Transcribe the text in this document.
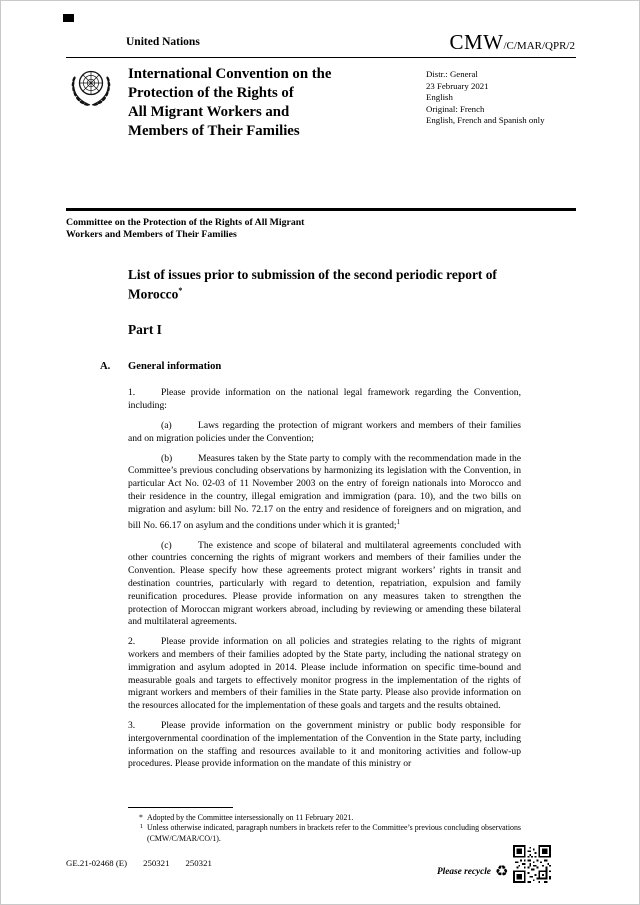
United Nations	CMW/C/MAR/QPR/2
International Convention on the
Protection of the Rights of
All Migrant Workers and
Members of Their Families
Distr.: General
23 February 2021
English
Original: French
English, French and Spanish only
Committee on the Protection of the Rights of All Migrant Workers and Members of Their Families
List of issues prior to submission of the second periodic report of Morocco*
Part I
A. General information

1.	Please provide information on the national legal framework regarding the Convention, including:

(a)	Laws regarding the protection of migrant workers and members of their families and on migration policies under the Convention;

(b)	Measures taken by the State party to comply with the recommendation made in the Committee’s previous concluding observations by harmonizing its legislation with the Convention, in particular Act No. 02-03 of 11 November 2003 on the entry of foreign nationals into Morocco and their residence in the country, illegal emigration and immigration (para. 10), and the two bills on migration and asylum: bill No. 72.17 on the entry and residence of foreigners and on migration, and bill No. 66.17 on asylum and the conditions under which it is granted;$^1$

(c)	The existence and scope of bilateral and multilateral agreements concluded with other countries concerning the rights of migrant workers and members of their families under the Convention. Please specify how these agreements protect migrant workers’ rights in transit and destination countries, particularly with regard to detention, repatriation, expulsion and family reunification procedures. Please provide information on any measures taken to strengthen the protection of Moroccan migrant workers abroad, including by reviewing or amending these bilateral and multilateral agreements.

2.	Please provide information on all policies and strategies relating to the rights of migrant workers and members of their families adopted by the State party, including the national strategy on immigration and asylum adopted in 2014. Please include information on specific time-bound and measurable goals and targets to effectively monitor progress in the implementation of the rights of migrant workers and members of their families in the State party. Please also provide information on the resources allocated for the implementation of these goals and targets and the results obtained.

3.	Please provide information on the government ministry or public body responsible for intergovernmental coordination of the implementation of the Convention in the State party, including information on the staffing and resources available to it and monitoring activities and follow-up procedures. Please provide information on the mandate of this ministry or

* Adopted by the Committee intersessionally on 11 February 2021.
1 Unless otherwise indicated, paragraph numbers in brackets refer to the Committee’s previous concluding observations (CMW/C/MAR/CO/1).
GE.21-02468 (E) 250321 250321
Please recycle ♻
